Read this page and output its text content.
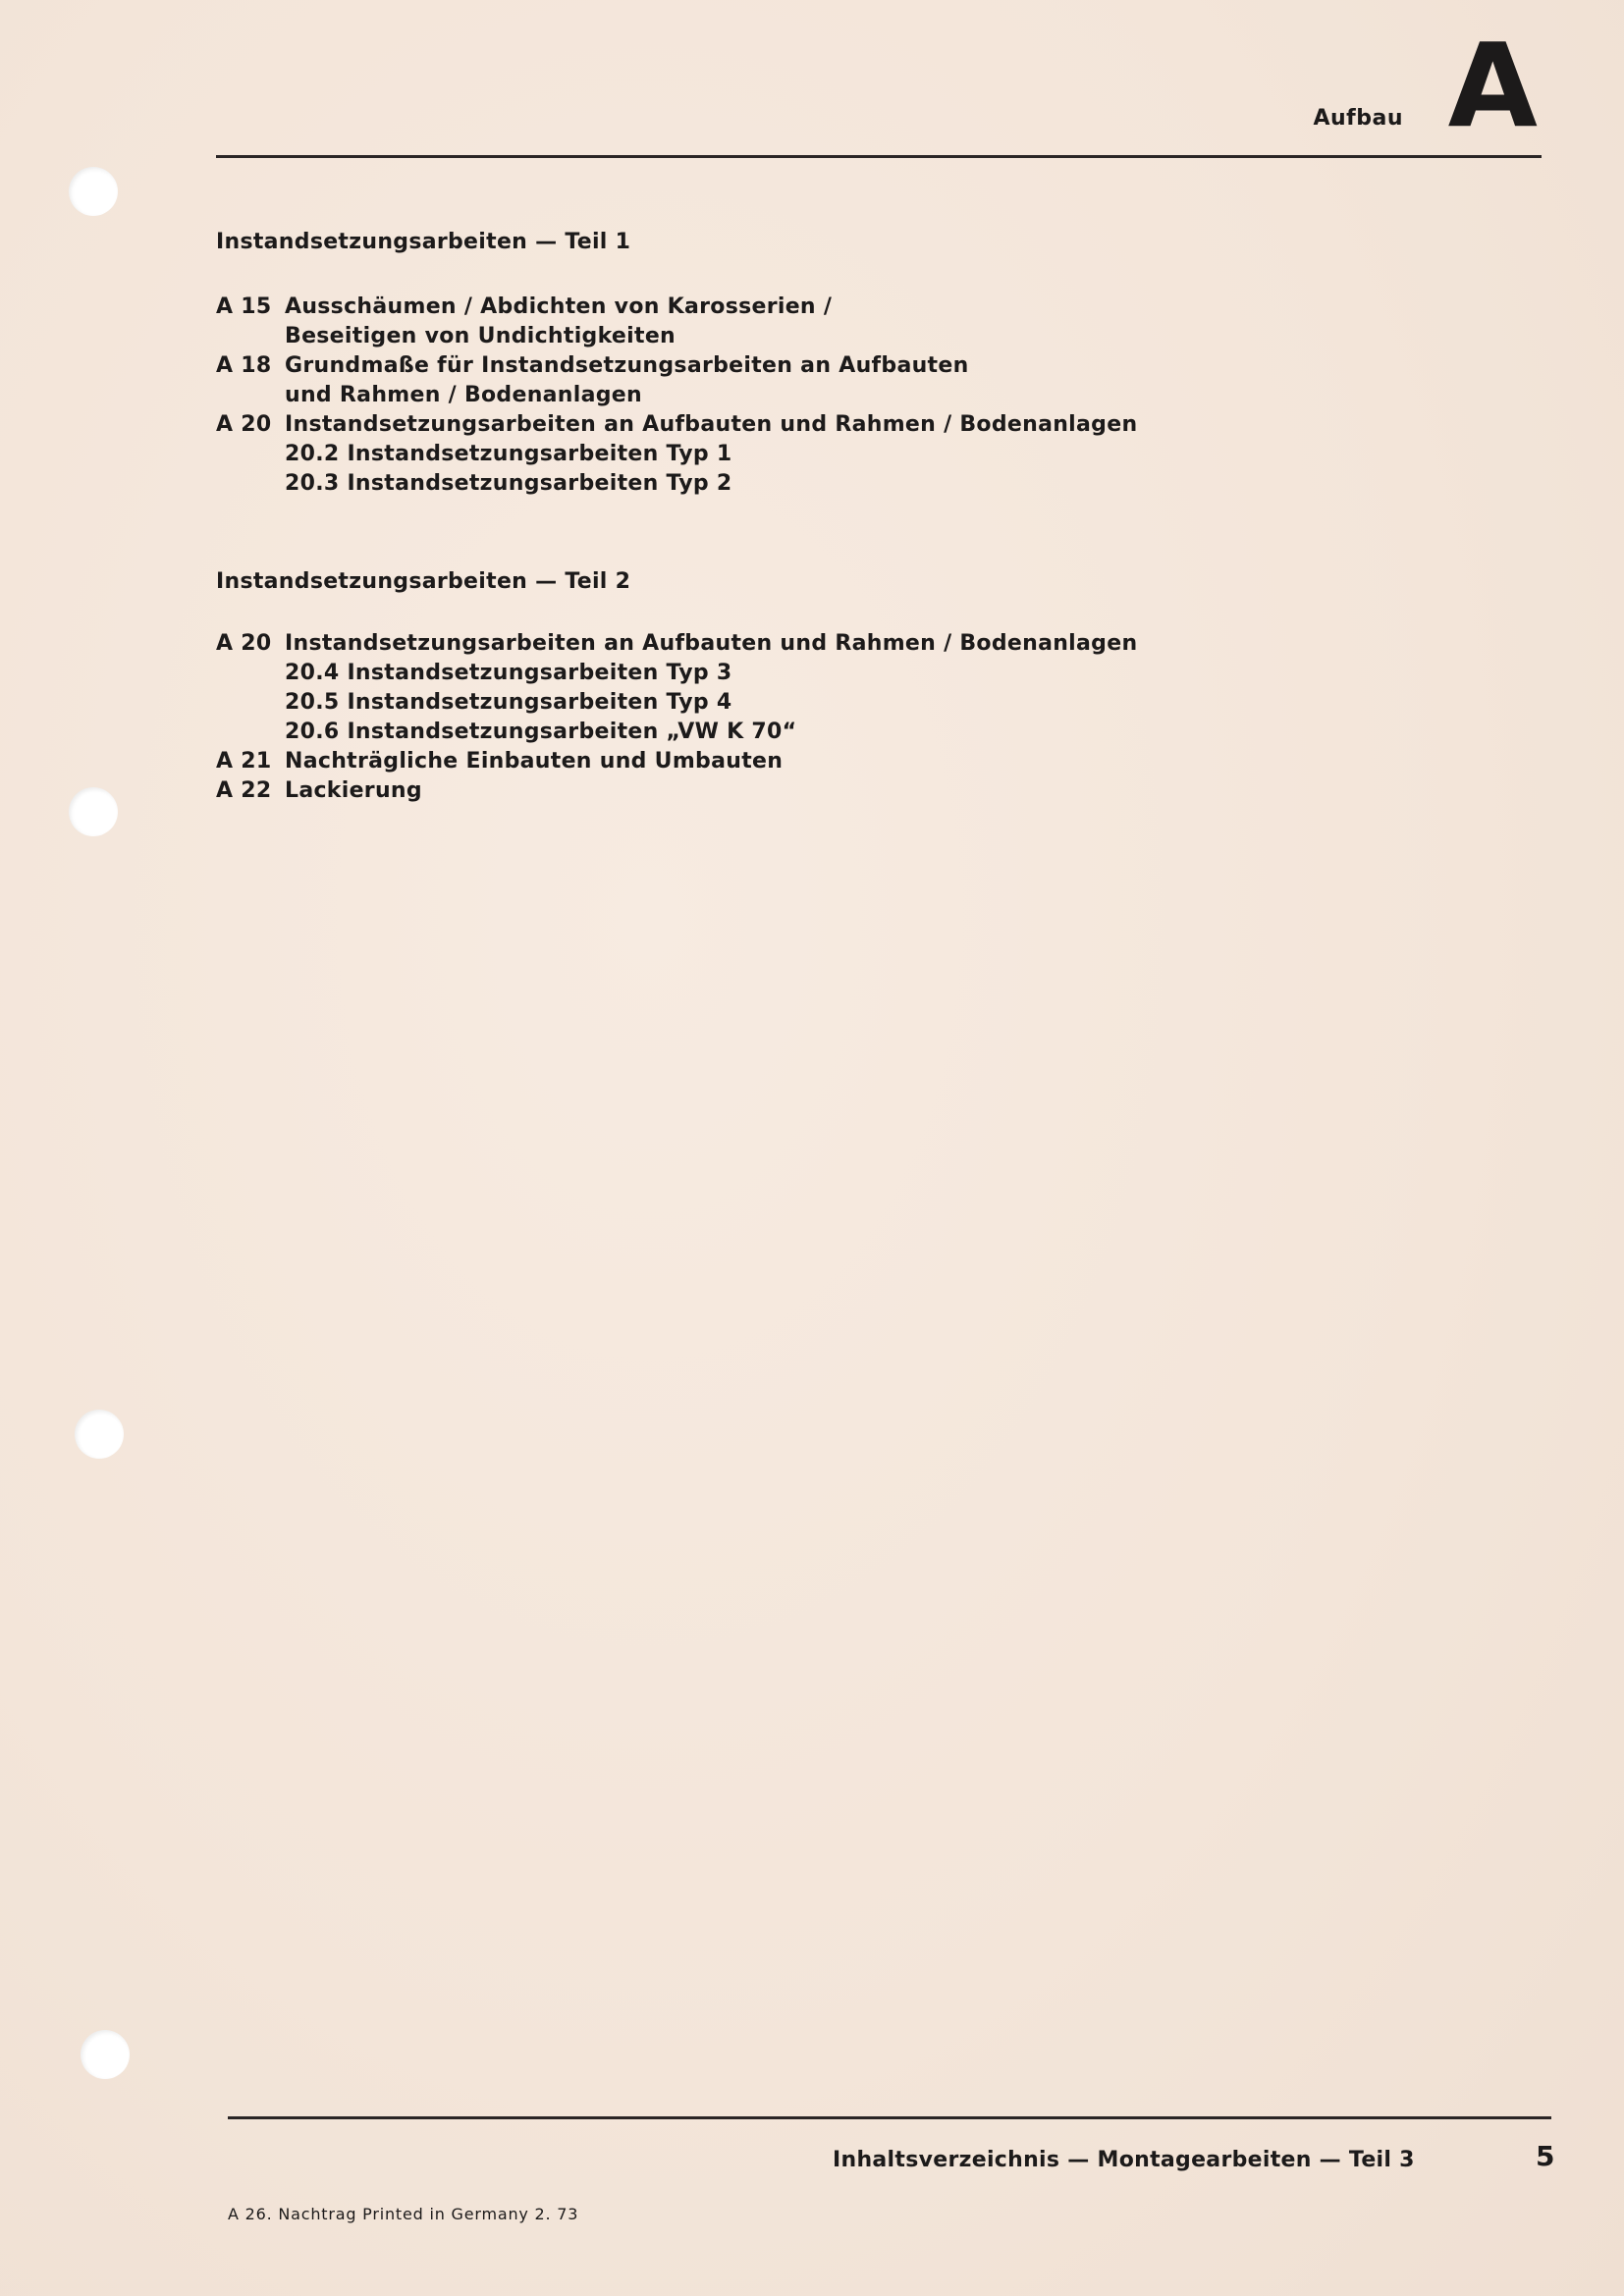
Aufbau A
Instandsetzungsarbeiten — Teil 1
A 15 Ausschäumen / Abdichten von Karosserien /
Beseitigen von Undichtigkeiten
A 18 Grundmaße für Instandsetzungsarbeiten an Aufbauten
und Rahmen / Bodenanlagen
A 20 Instandsetzungsarbeiten an Aufbauten und Rahmen / Bodenanlagen
20.2 Instandsetzungsarbeiten Typ 1
20.3 Instandsetzungsarbeiten Typ 2
Instandsetzungsarbeiten — Teil 2
A 20 Instandsetzungsarbeiten an Aufbauten und Rahmen / Bodenanlagen
20.4 Instandsetzungsarbeiten Typ 3
20.5 Instandsetzungsarbeiten Typ 4
20.6 Instandsetzungsarbeiten „VW K 70“
A 21 Nachträgliche Einbauten und Umbauten
A 22 Lackierung
Inhaltsverzeichnis — Montagearbeiten — Teil 3	5
A 26. Nachtrag Printed in Germany 2. 73
